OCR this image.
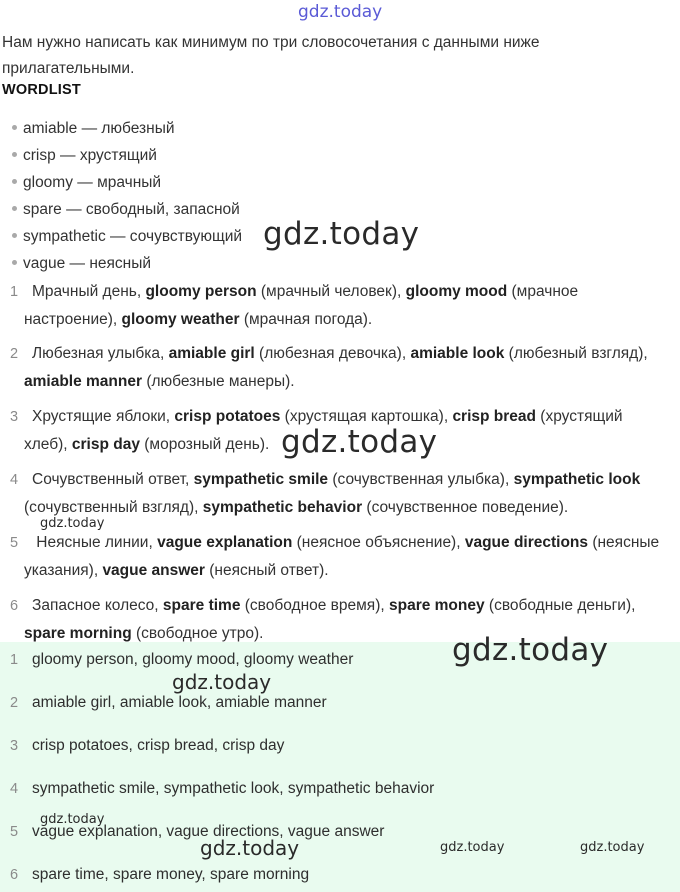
gdz.today
Нам нужно написать как минимум по три словосочетания с данными ниже
прилагательными.
WORDLIST
amiable — любезный
crisp — хрустящий
gloomy — мрачный
spare — свободный, запасной
sympathetic — сочувствующий
vague — неясный
1 Мрачный день, gloomy person (мрачный человек), gloomy mood (мрачное
настроение), gloomy weather (мрачная погода).
2 Любезная улыбка, amiable girl (любезная девочка), amiable look (любезный взгляд),
amiable manner (любезные манеры).
3 Хрустящие яблоки, crisp potatoes (хрустящая картошка), crisp bread (хрустящий
хлеб), crisp day (морозный день).
4 Сочувственный ответ, sympathetic smile (сочувственная улыбка), sympathetic look
(сочувственный взгляд), sympathetic behavior (сочувственное поведение).
5 Неясные линии, vague explanation (неясное объяснение), vague directions (неясные
указания), vague answer (неясный ответ).
6 Запасное колесо, spare time (свободное время), spare money (свободные деньги),
spare morning (свободное утро).
1 gloomy person, gloomy mood, gloomy weather
2 amiable girl, amiable look, amiable manner
3 crisp potatoes, crisp bread, crisp day
4 sympathetic smile, sympathetic look, sympathetic behavior
5 vague explanation, vague directions, vague answer
6 spare time, spare money, spare morning
gdz.today
gdz.today
gdz.today
gdz.today
gdz.today
gdz.today
gdz.today	gdz.today	gdz.today
